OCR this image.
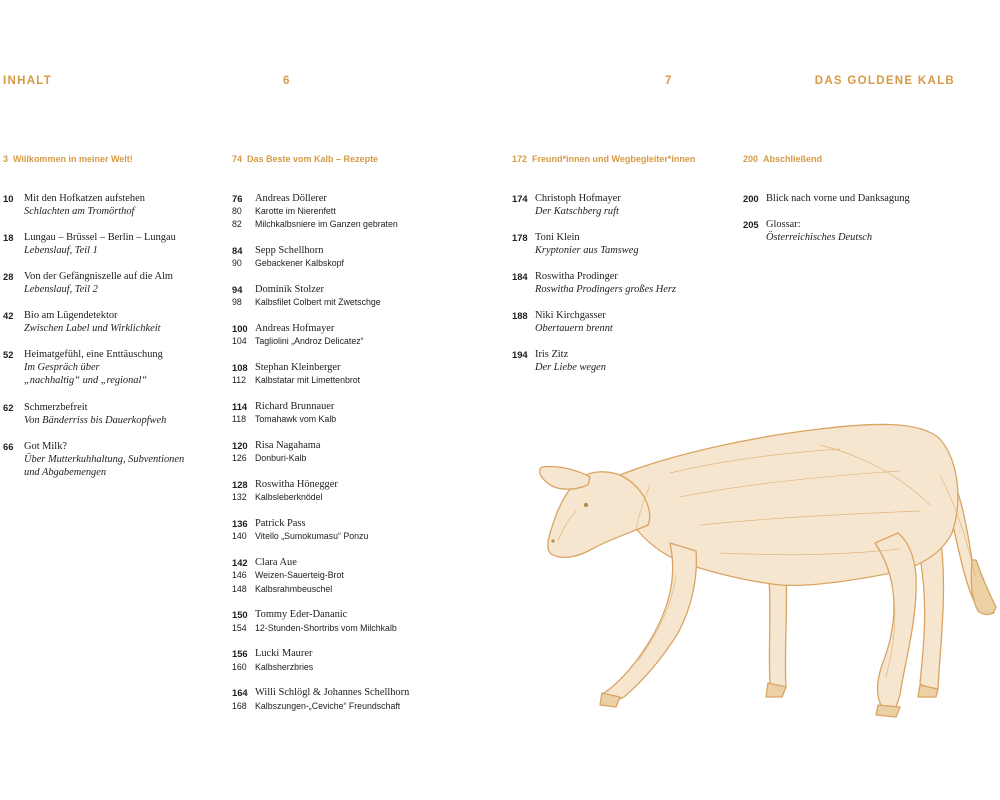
INHALT	6	7	DAS GOLDENE KALB
3 Willkommen in meiner Welt!
10 Mit den Hofkatzen aufstehen
Schlachten am Tromörthof
18 Lungau – Brüssel – Berlin – Lungau
Lebenslauf, Teil 1
28 Von der Gefängniszelle auf die Alm
Lebenslauf, Teil 2
42 Bio am Lügendetektor
Zwischen Label und Wirklichkeit
52 Heimatgefühl, eine Enttäuschung
Im Gespräch über
„nachhaltig“ und „regional“
62 Schmerzbefreit
Von Bänderriss bis Dauerkopfweh
66 Got Milk?
Über Mutterkuhhaltung, Subventionen
und Abgabemengen
74 Das Beste vom Kalb – Rezepte
76 Andreas Döllerer
80 Karotte im Nierenfett
82 Milchkalbsniere im Ganzen gebraten
84 Sepp Schellhorn
90 Gebackener Kalbskopf
94 Dominik Stolzer
98 Kalbsfilet Colbert mit Zwetschge
100 Andreas Hofmayer
104 Tagliolini „Androz Delicatez“
108 Stephan Kleinberger
112 Kalbstatar mit Limettenbrot
114 Richard Brunnauer
118 Tomahawk vom Kalb
120 Risa Nagahama
126 Donburi-Kalb
128 Roswitha Hönegger
132 Kalbsleberknödel
136 Patrick Pass
140 Vitello „Sumokumasu“ Ponzu
142 Clara Aue
146 Weizen-Sauerteig-Brot
148 Kalbsrahmbeuschel
150 Tommy Eder-Dananic
154 12-Stunden-Shortribs vom Milchkalb
156 Lucki Maurer
160 Kalbsherzbries
164 Willi Schlögl & Johannes Schellhorn
168 Kalbszungen-„Ceviche“ Freundschaft
172 Freund*innen und Wegbegleiter*innen
174 Christoph Hofmayer
Der Katschberg ruft
178 Toni Klein
Kryptonier aus Tamsweg
184 Roswitha Prodinger
Roswitha Prodingers großes Herz
188 Niki Kirchgasser
Obertauern brennt
194 Iris Zitz
Der Liebe wegen
200 Abschließend
200 Blick nach vorne und Danksagung
205 Glossar:
Österreichisches Deutsch
